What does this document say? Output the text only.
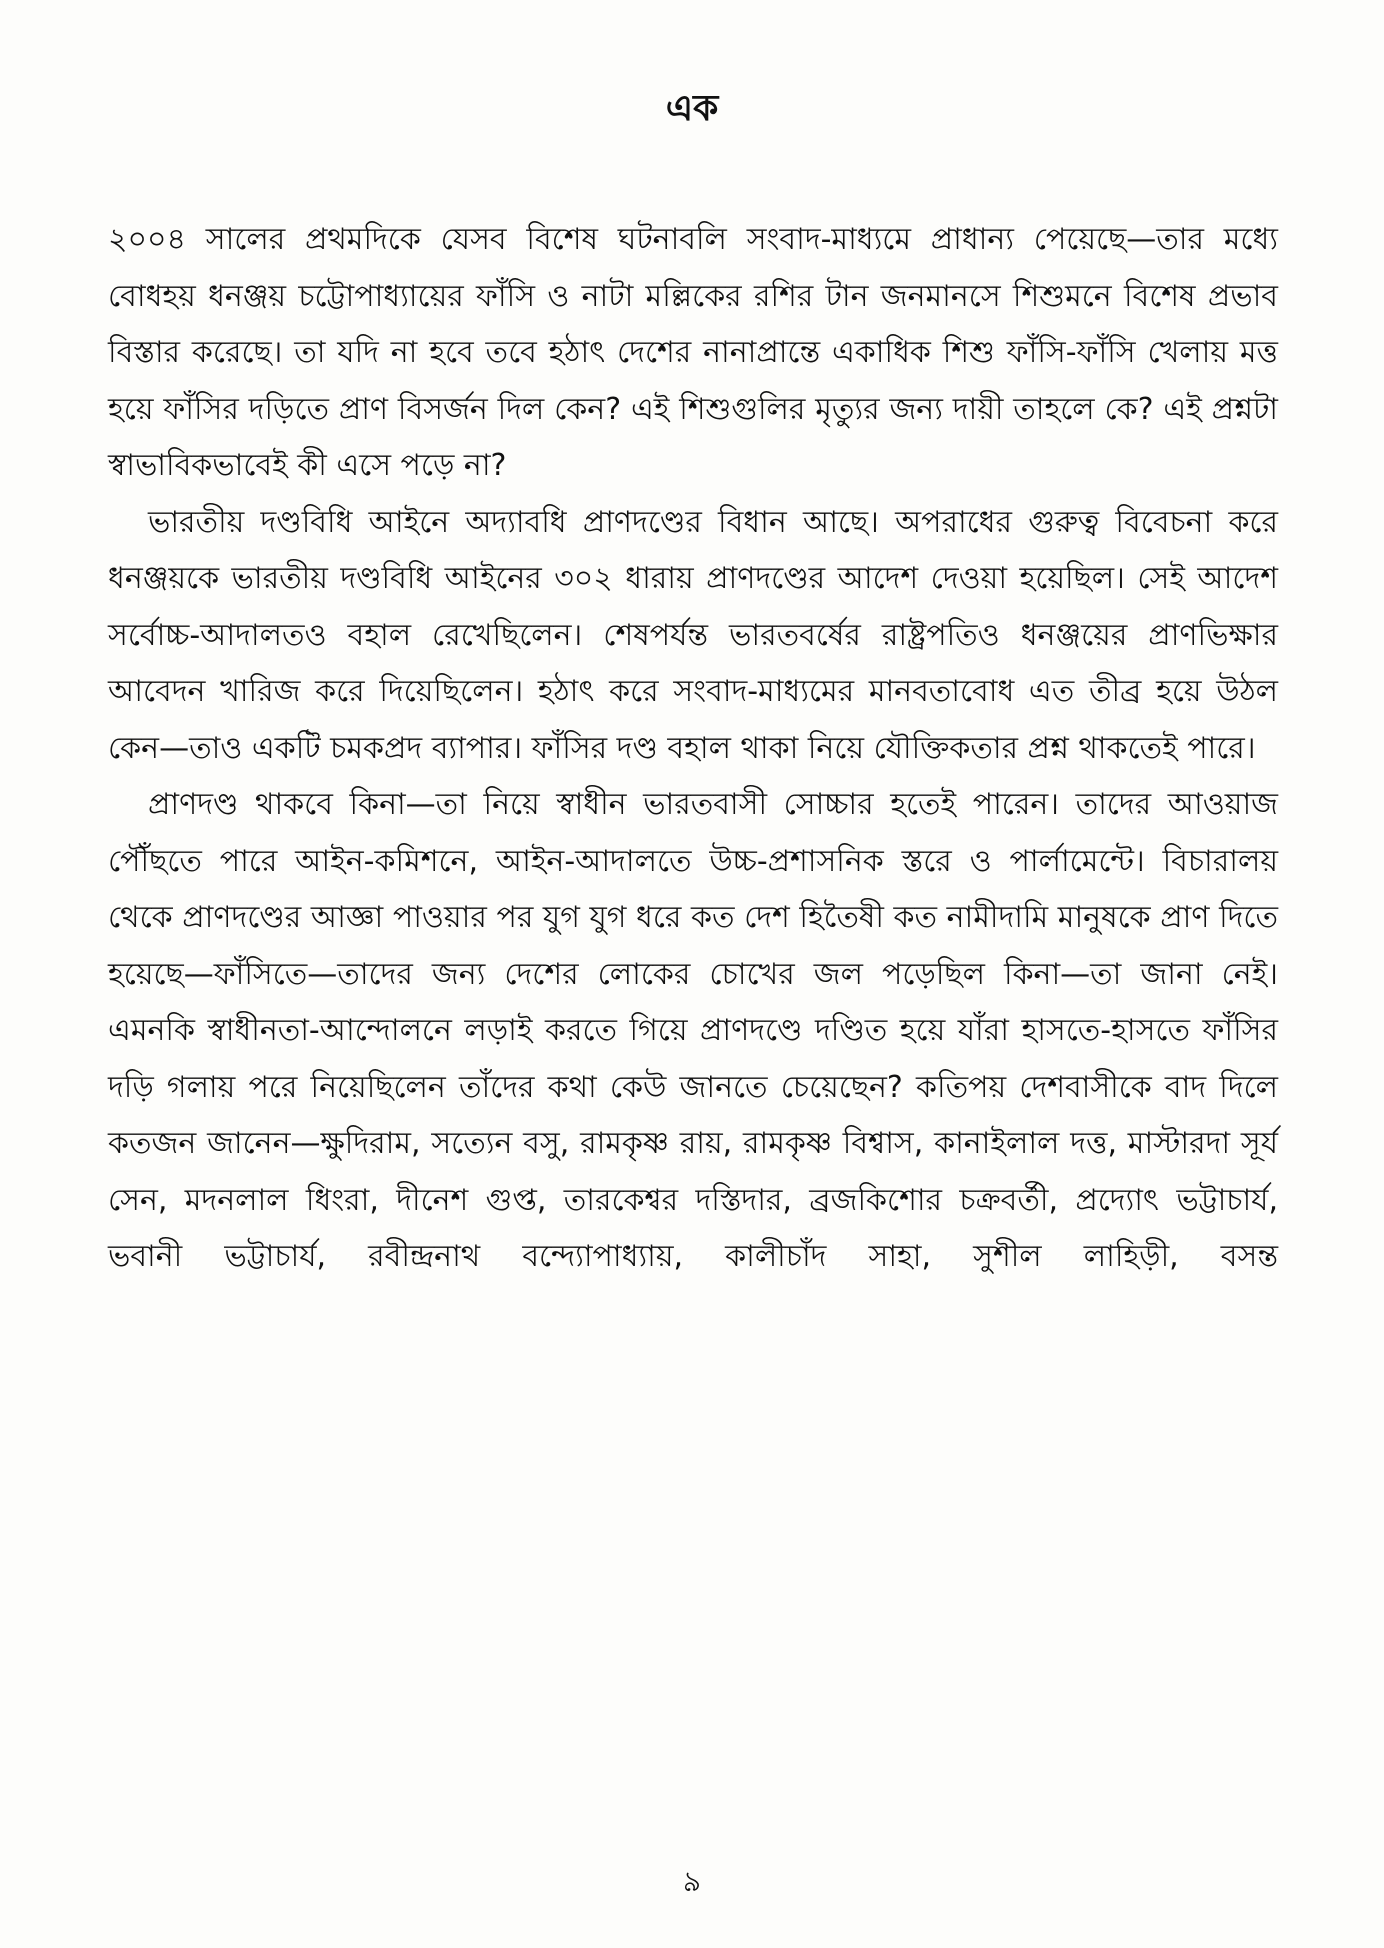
এক

২০০৪ সালের প্রথমদিকে যেসব বিশেষ ঘটনাবলি সংবাদ-মাধ্যমে প্রাধান্য পেয়েছে—তার মধ্যে বোধহয় ধনঞ্জয় চট্টোপাধ্যায়ের ফাঁসি ও নাটা মল্লিকের রশির টান জনমানসে শিশুমনে বিশেষ প্রভাব বিস্তার করেছে। তা যদি না হবে তবে হঠাৎ দেশের নানাপ্রান্তে একাধিক শিশু ফাঁসি-ফাঁসি খেলায় মত্ত হয়ে ফাঁসির দড়িতে প্রাণ বিসর্জন দিল কেন? এই শিশুগুলির মৃত্যুর জন্য দায়ী তাহলে কে? এই প্রশ্নটা স্বাভাবিকভাবেই কী এসে পড়ে না?

ভারতীয় দণ্ডবিধি আইনে অদ্যাবধি প্রাণদণ্ডের বিধান আছে। অপরাধের গুরুত্ব বিবেচনা করে ধনঞ্জয়কে ভারতীয় দণ্ডবিধি আইনের ৩০২ ধারায় প্রাণদণ্ডের আদেশ দেওয়া হয়েছিল। সেই আদেশ সর্বোচ্চ-আদালতও বহাল রেখেছিলেন। শেষপর্যন্ত ভারতবর্ষের রাষ্ট্রপতিও ধনঞ্জয়ের প্রাণভিক্ষার আবেদন খারিজ করে দিয়েছিলেন। হঠাৎ করে সংবাদ-মাধ্যমের মানবতাবোধ এত তীব্র হয়ে উঠল কেন—তাও একটি চমকপ্রদ ব্যাপার। ফাঁসির দণ্ড বহাল থাকা নিয়ে যৌক্তিকতার প্রশ্ন থাকতেই পারে।

প্রাণদণ্ড থাকবে কিনা—তা নিয়ে স্বাধীন ভারতবাসী সোচ্চার হতেই পারেন। তাদের আওয়াজ পৌঁছতে পারে আইন-কমিশনে, আইন-আদালতে উচ্চ-প্রশাসনিক স্তরে ও পার্লামেন্টে। বিচারালয় থেকে প্রাণদণ্ডের আজ্ঞা পাওয়ার পর যুগ যুগ ধরে কত দেশ হিতৈষী কত নামীদামি মানুষকে প্রাণ দিতে হয়েছে—ফাঁসিতে—তাদের জন্য দেশের লোকের চোখের জল পড়েছিল কিনা—তা জানা নেই। এমনকি স্বাধীনতা-আন্দোলনে লড়াই করতে গিয়ে প্রাণদণ্ডে দণ্ডিত হয়ে যাঁরা হাসতে-হাসতে ফাঁসির দড়ি গলায় পরে নিয়েছিলেন তাঁদের কথা কেউ জানতে চেয়েছেন? কতিপয় দেশবাসীকে বাদ দিলে কতজন জানেন—ক্ষুদিরাম, সত্যেন বসু, রামকৃষ্ণ রায়, রামকৃষ্ণ বিশ্বাস, কানাইলাল দত্ত, মাস্টারদা সূর্য সেন, মদনলাল ধিংরা, দীনেশ গুপ্ত, তারকেশ্বর দস্তিদার, ব্রজকিশোর চক্রবর্তী, প্রদ্যোৎ ভট্টাচার্য, ভবানী ভট্টাচার্য, রবীন্দ্রনাথ বন্দ্যোপাধ্যায়, কালীচাঁদ সাহা, সুশীল লাহিড়ী, বসন্ত

৯
